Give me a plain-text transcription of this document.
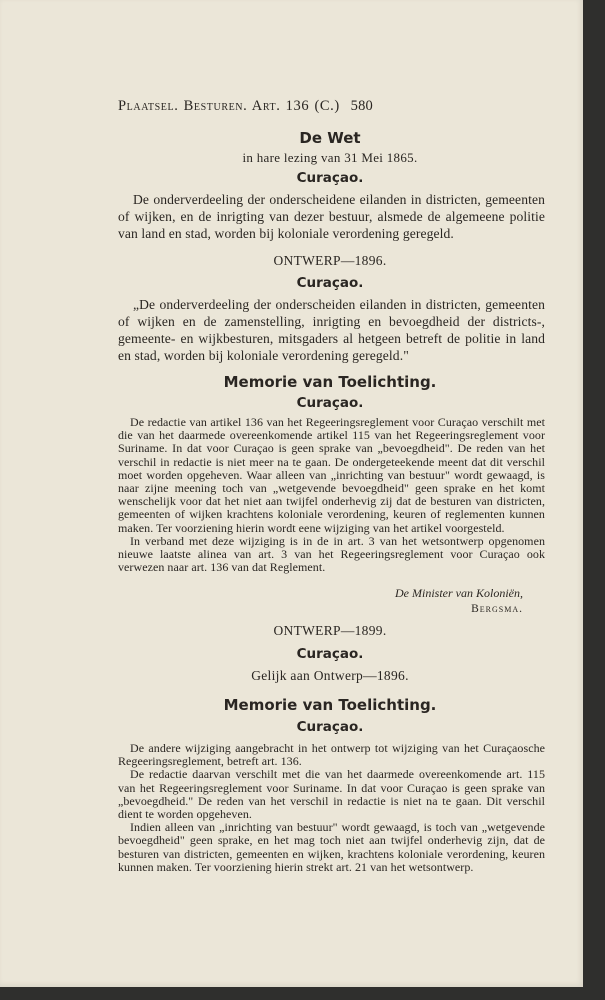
Plaatsel. Besturen. Art. 136 (C.) 580
De Wet
in hare lezing van 31 Mei 1865.
Curaçao.
De onderverdeeling der onderscheidene eilanden in districten, gemeenten of wijken, en de inrigting van dezer bestuur, alsmede de algemeene politie van land en stad, worden bij koloniale verordening geregeld.
ONTWERP—1896.
Curaçao.
„De onderverdeeling der onderscheiden eilanden in districten, gemeenten of wijken en de zamenstelling, inrigting en bevoegdheid der districts-, gemeente- en wijkbesturen, mitsgaders al hetgeen betreft de politie in land en stad, worden bij koloniale verordening geregeld."
Memorie van Toelichting.
Curaçao.

De redactie van artikel 136 van het Regeeringsreglement voor Curaçao verschilt met die van het daarmede overeenkomende artikel 115 van het Regeeringsreglement voor Suriname. In dat voor Curaçao is geen sprake van „bevoegdheid". De reden van het verschil in redactie is niet meer na te gaan. De ondergeteekende meent dat dit verschil moet worden opgeheven. Waar alleen van „inrichting van bestuur" wordt gewaagd, is naar zijne meening toch van „wetgevende bevoegdheid" geen sprake en het komt wenschelijk voor dat het niet aan twijfel onderhevig zij dat de besturen van districten, gemeenten of wijken krachtens koloniale verordening, keuren of reglementen kunnen maken. Ter voorziening hierin wordt eene wijziging van het artikel voorgesteld.

In verband met deze wijziging is in de in art. 3 van het wetsontwerp opgenomen nieuwe laatste alinea van art. 3 van het Regeeringsreglement voor Curaçao ook verwezen naar art. 136 van dat Reglement.

De Minister van Koloniën,
Bergsma.
ONTWERP—1899.
Curaçao.
Gelijk aan Ontwerp—1896.
Memorie van Toelichting.
Curaçao.

De andere wijziging aangebracht in het ontwerp tot wijziging van het Curaçaosche Regeeringsreglement, betreft art. 136.

De redactie daarvan verschilt met die van het daarmede overeenkomende art. 115 van het Regeeringsreglement voor Suriname. In dat voor Curaçao is geen sprake van „bevoegdheid." De reden van het verschil in redactie is niet na te gaan. Dit verschil dient te worden opgeheven.

Indien alleen van „inrichting van bestuur" wordt gewaagd, is toch van „wetgevende bevoegdheid" geen sprake, en het mag toch niet aan twijfel onderhevig zijn, dat de besturen van districten, gemeenten en wijken, krachtens koloniale verordening, keuren kunnen maken. Ter voorziening hierin strekt art. 21 van het wetsontwerp.
